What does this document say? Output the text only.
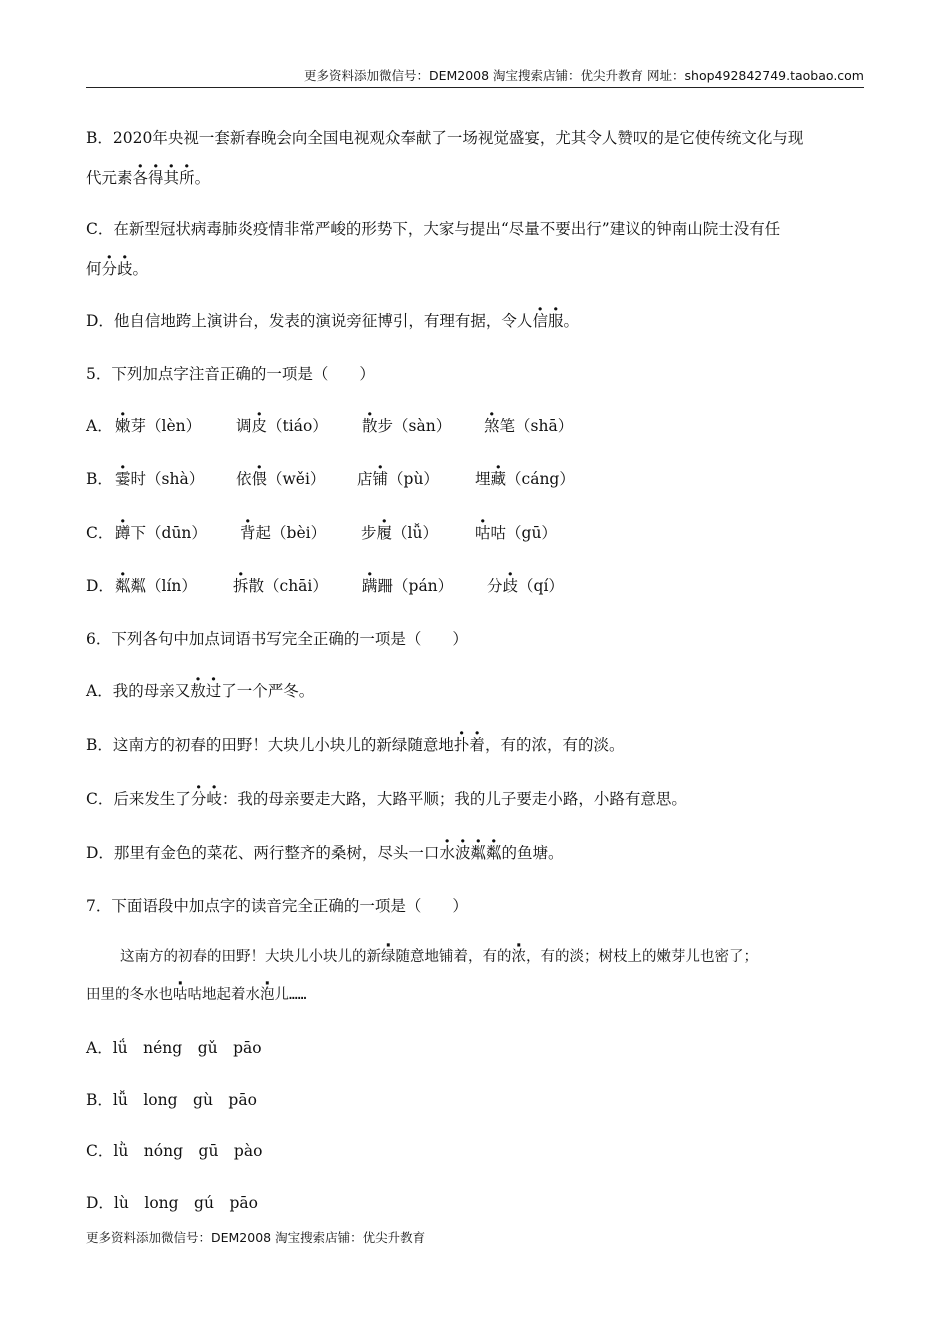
更多资料添加微信号：DEM2008 淘宝搜索店铺：优尖升教育 网址：shop492842749.taobao.com
B．2020年央视一套新春晚会向全国电视观众奉献了一场视觉盛宴，尤其令人赞叹的是它使传统文化与现
代元素各得其所。
C．在新型冠状病毒肺炎疫情非常严峻的形势下，大家与提出“尽量不要出行”建议的钟南山院士没有任
何分歧。
D．他自信地跨上演讲台，发表的演说旁征博引，有理有据，令人信服。
5．下列加点字注音正确的一项是（　　）
A． 嫩芽（lèn） 调皮（tiáo） 散步（sàn） 煞笔（shā）
B． 霎时（shà） 依偎（wěi） 店铺（pù） 埋藏（cáng）
C． 蹲下（dūn） 背起（bèi） 步履（lǚ） 咕咕（gū）
D． 粼粼（lín） 拆散（chāi） 蹒跚（pán） 分歧（qí）
6．下列各句中加点词语书写完全正确的一项是（　　）
A．我的母亲又敖过了一个严冬。
B．这南方的初春的田野！大块儿小块儿的新绿随意地扑着，有的浓，有的淡。
C．后来发生了分岐：我的母亲要走大路，大路平顺；我的儿子要走小路，小路有意思。
D．那里有金色的菜花、两行整齐的桑树，尽头一口水波粼粼的鱼塘。
7．下面语段中加点字的读音完全正确的一项是（　　）
这南方的初春的田野！大块儿小块儿的新绿随意地铺着，有的浓，有的淡；树枝上的嫩芽儿也密了；
田里的冬水也咕咕地起着水泡儿……
A．lǘ　néng　gǔ　pāo
B．lǚ　long　gù　pāo
C．lǜ　nóng　gū　pào
D．lù　long　gú　pāo
更多资料添加微信号：DEM2008 淘宝搜索店铺：优尖升教育
